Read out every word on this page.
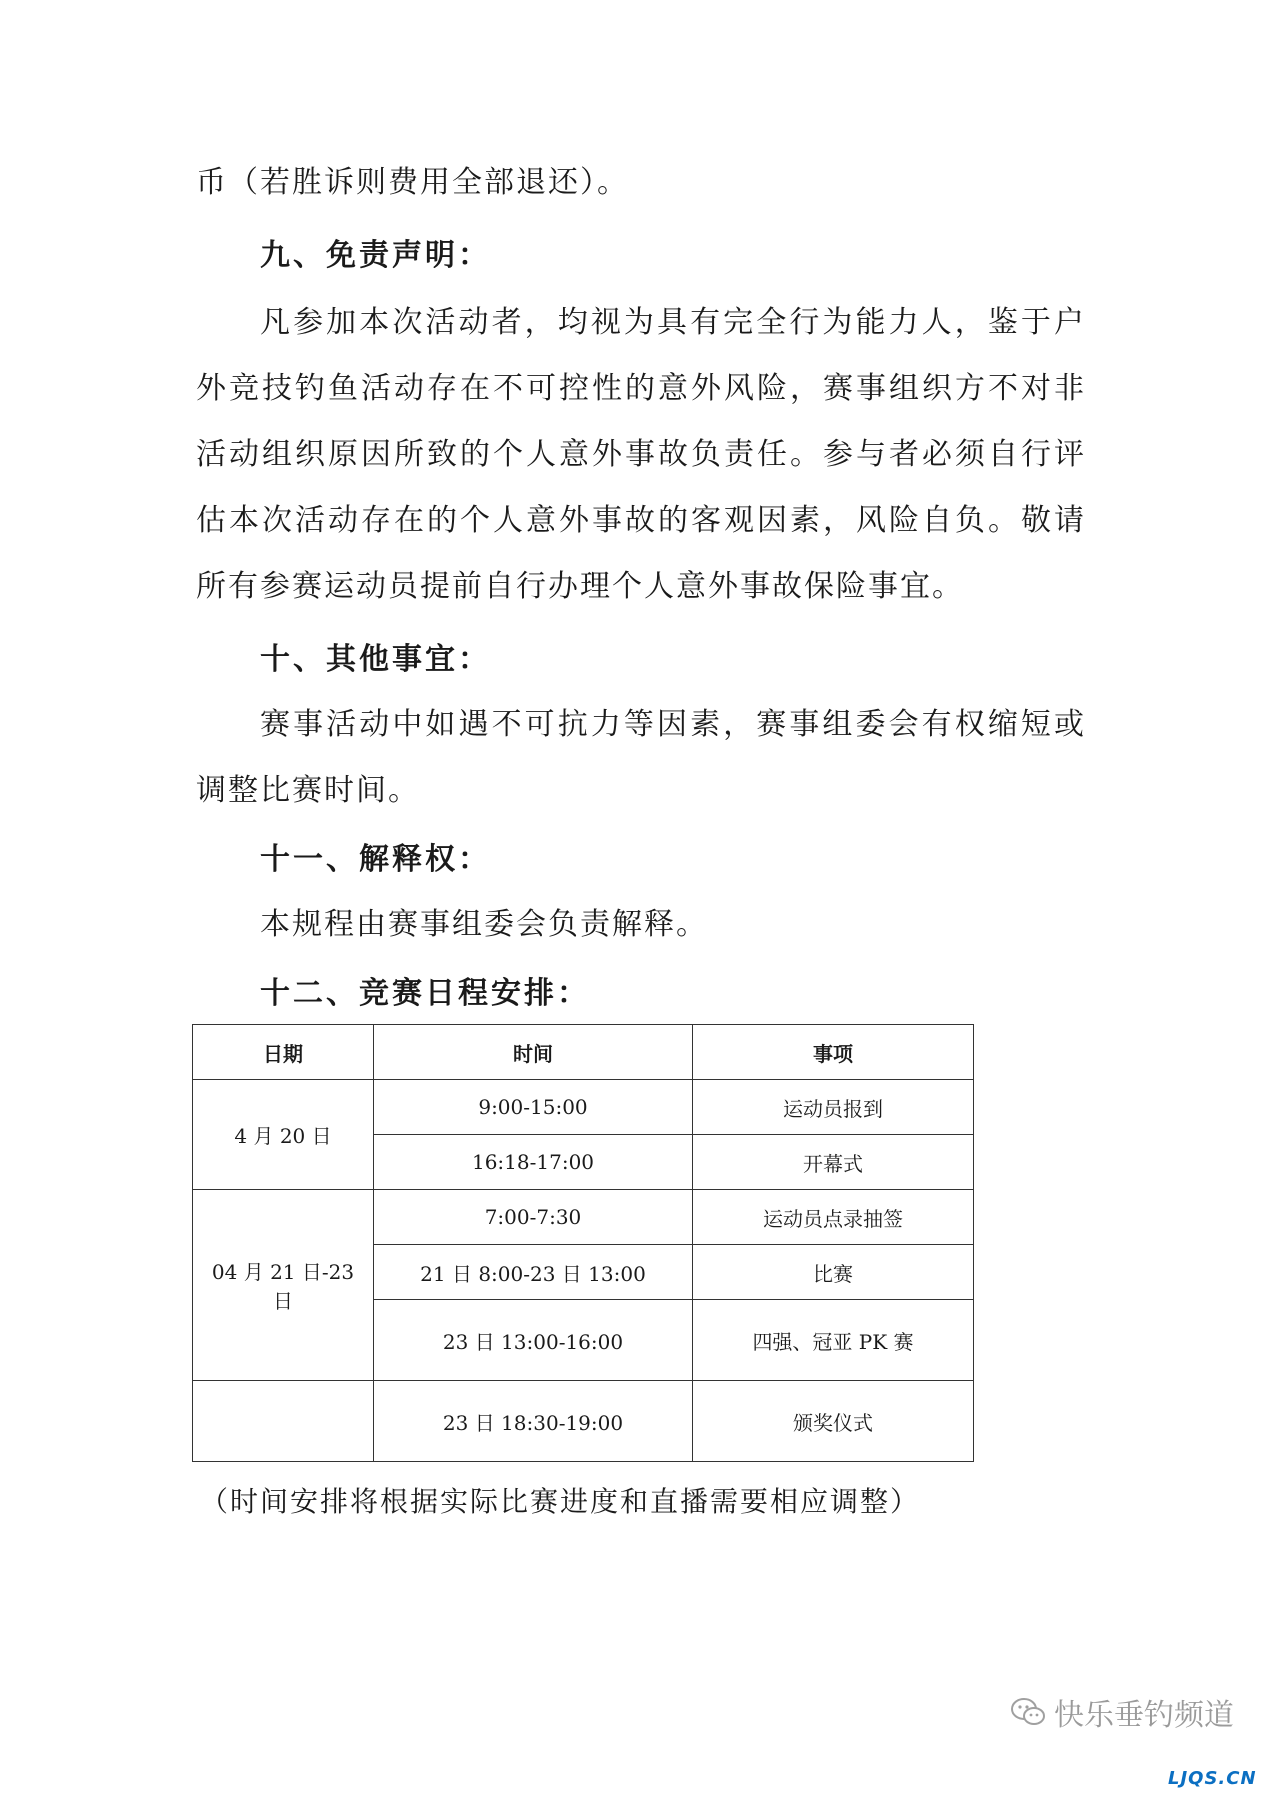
币（若胜诉则费用全部退还）。

九、免责声明：

凡参加本次活动者，均视为具有完全行为能力人，鉴于户外竞技钓鱼活动存在不可控性的意外风险，赛事组织方不对非活动组织原因所致的个人意外事故负责任。参与者必须自行评估本次活动存在的个人意外事故的客观因素，风险自负。敬请所有参赛运动员提前自行办理个人意外事故保险事宜。

十、其他事宜：

赛事活动中如遇不可抗力等因素，赛事组委会有权缩短或调整比赛时间。

十一、解释权：

本规程由赛事组委会负责解释。

十二、竞赛日程安排：
日期	时间	事项
4 月 20 日	9:00-15:00	运动员报到
	16:18-17:00	开幕式
04 月 21 日-23 日	7:00-7:30	运动员点录抽签
	21 日 8:00-23 日 13:00	比赛
	23 日 13:00-16:00	四强、冠亚 PK 赛
	23 日 18:30-19:00	颁奖仪式

（时间安排将根据实际比赛进度和直播需要相应调整）

快乐垂钓频道
LJQS.CN
